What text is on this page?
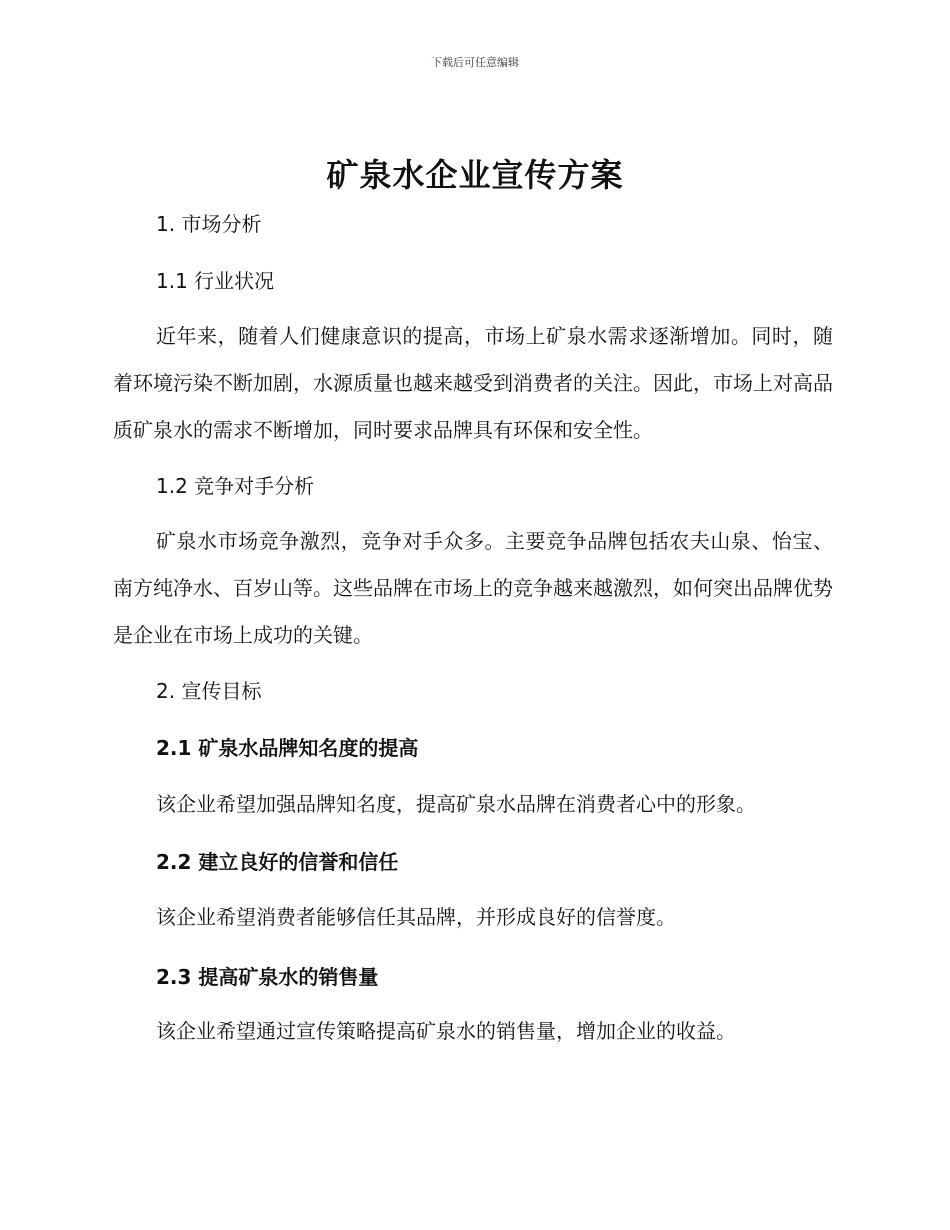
下载后可任意编辑
矿泉水企业宣传方案
1. 市场分析
1.1 行业状况

近年来，随着人们健康意识的提高，市场上矿泉水需求逐渐增加。同时，随着环境污染不断加剧，水源质量也越来越受到消费者的关注。因此，市场上对高品质矿泉水的需求不断增加，同时要求品牌具有环保和安全性。

1.2 竞争对手分析

矿泉水市场竞争激烈，竞争对手众多。主要竞争品牌包括农夫山泉、怡宝、南方纯净水、百岁山等。这些品牌在市场上的竞争越来越激烈，如何突出品牌优势是企业在市场上成功的关键。

2. 宣传目标
2.1 矿泉水品牌知名度的提高

该企业希望加强品牌知名度，提高矿泉水品牌在消费者心中的形象。

2.2 建立良好的信誉和信任

该企业希望消费者能够信任其品牌，并形成良好的信誉度。

2.3 提高矿泉水的销售量

该企业希望通过宣传策略提高矿泉水的销售量，增加企业的收益。
